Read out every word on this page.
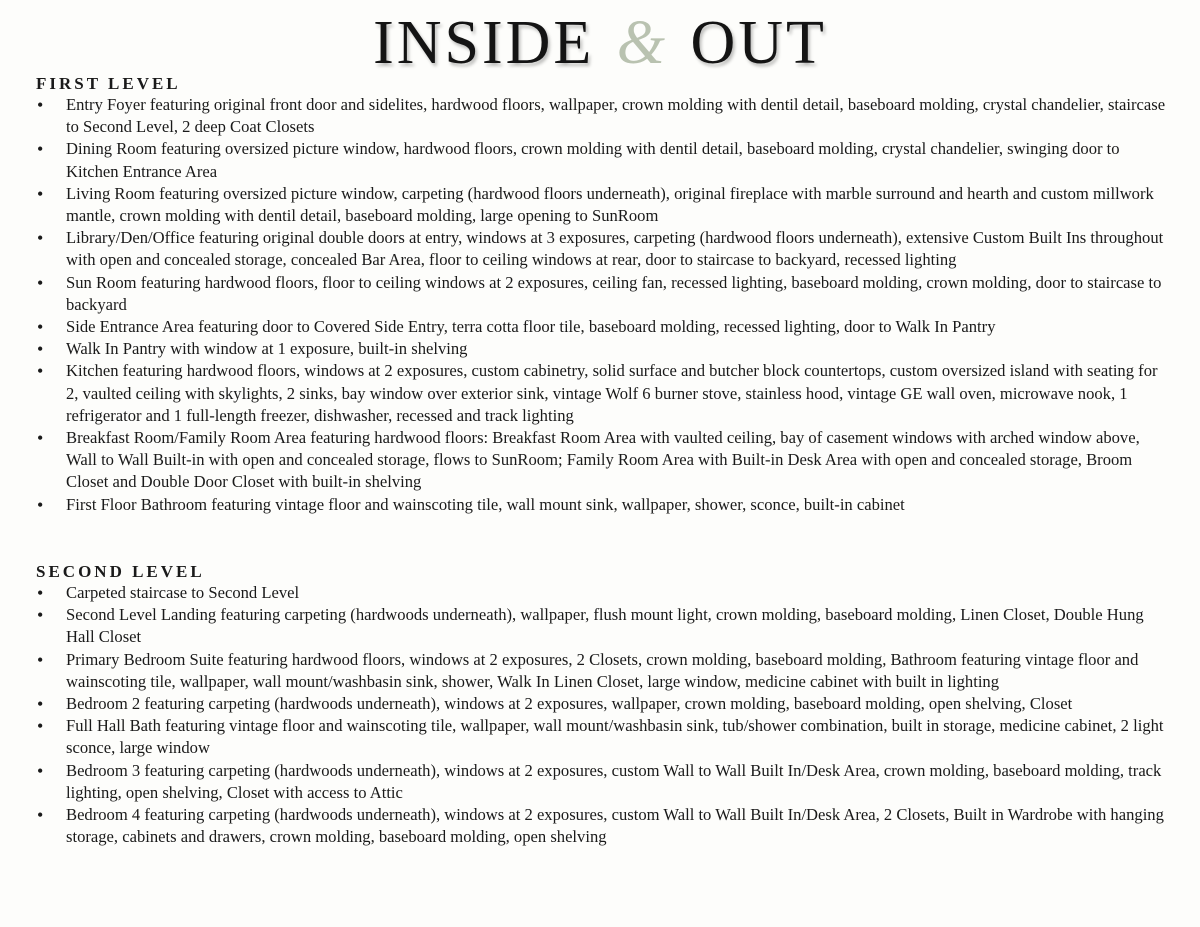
INSIDE & OUT
FIRST LEVEL
• Entry Foyer featuring original front door and sidelites, hardwood floors, wallpaper, crown molding with dentil detail, baseboard molding, crystal chandelier, staircase to Second Level, 2 deep Coat Closets
• Dining Room featuring oversized picture window, hardwood floors, crown molding with dentil detail, baseboard molding, crystal chandelier, swinging door to Kitchen Entrance Area
• Living Room featuring oversized picture window, carpeting (hardwood floors underneath), original fireplace with marble surround and hearth and custom millwork mantle, crown molding with dentil detail, baseboard molding, large opening to SunRoom
• Library/Den/Office featuring original double doors at entry, windows at 3 exposures, carpeting (hardwood floors underneath), extensive Custom Built Ins throughout with open and concealed storage, concealed Bar Area, floor to ceiling windows at rear, door to staircase to backyard, recessed lighting
• Sun Room featuring hardwood floors, floor to ceiling windows at 2 exposures, ceiling fan, recessed lighting, baseboard molding, crown molding, door to staircase to backyard
• Side Entrance Area featuring door to Covered Side Entry, terra cotta floor tile, baseboard molding, recessed lighting, door to Walk In Pantry
• Walk In Pantry with window at 1 exposure, built-in shelving
• Kitchen featuring hardwood floors, windows at 2 exposures, custom cabinetry, solid surface and butcher block countertops, custom oversized island with seating for 2, vaulted ceiling with skylights, 2 sinks, bay window over exterior sink, vintage Wolf 6 burner stove, stainless hood, vintage GE wall oven, microwave nook, 1 refrigerator and 1 full-length freezer, dishwasher, recessed and track lighting
• Breakfast Room/Family Room Area featuring hardwood floors: Breakfast Room Area with vaulted ceiling, bay of casement windows with arched window above, Wall to Wall Built-in with open and concealed storage, flows to SunRoom; Family Room Area with Built-in Desk Area with open and concealed storage, Broom Closet and Double Door Closet with built-in shelving
• First Floor Bathroom featuring vintage floor and wainscoting tile, wall mount sink, wallpaper, shower, sconce, built-in cabinet
SECOND LEVEL
• Carpeted staircase to Second Level
• Second Level Landing featuring carpeting (hardwoods underneath), wallpaper, flush mount light, crown molding, baseboard molding, Linen Closet, Double Hung Hall Closet
• Primary Bedroom Suite featuring hardwood floors, windows at 2 exposures, 2 Closets, crown molding, baseboard molding, Bathroom featuring vintage floor and wainscoting tile, wallpaper, wall mount/washbasin sink, shower, Walk In Linen Closet, large window, medicine cabinet with built in lighting
• Bedroom 2 featuring carpeting (hardwoods underneath), windows at 2 exposures, wallpaper, crown molding, baseboard molding, open shelving, Closet
• Full Hall Bath featuring vintage floor and wainscoting tile, wallpaper, wall mount/washbasin sink, tub/shower combination, built in storage, medicine cabinet, 2 light sconce, large window
• Bedroom 3 featuring carpeting (hardwoods underneath), windows at 2 exposures, custom Wall to Wall Built In/Desk Area, crown molding, baseboard molding, track lighting, open shelving, Closet with access to Attic
• Bedroom 4 featuring carpeting (hardwoods underneath), windows at 2 exposures, custom Wall to Wall Built In/Desk Area, 2 Closets, Built in Wardrobe with hanging storage, cabinets and drawers, crown molding, baseboard molding, open shelving
